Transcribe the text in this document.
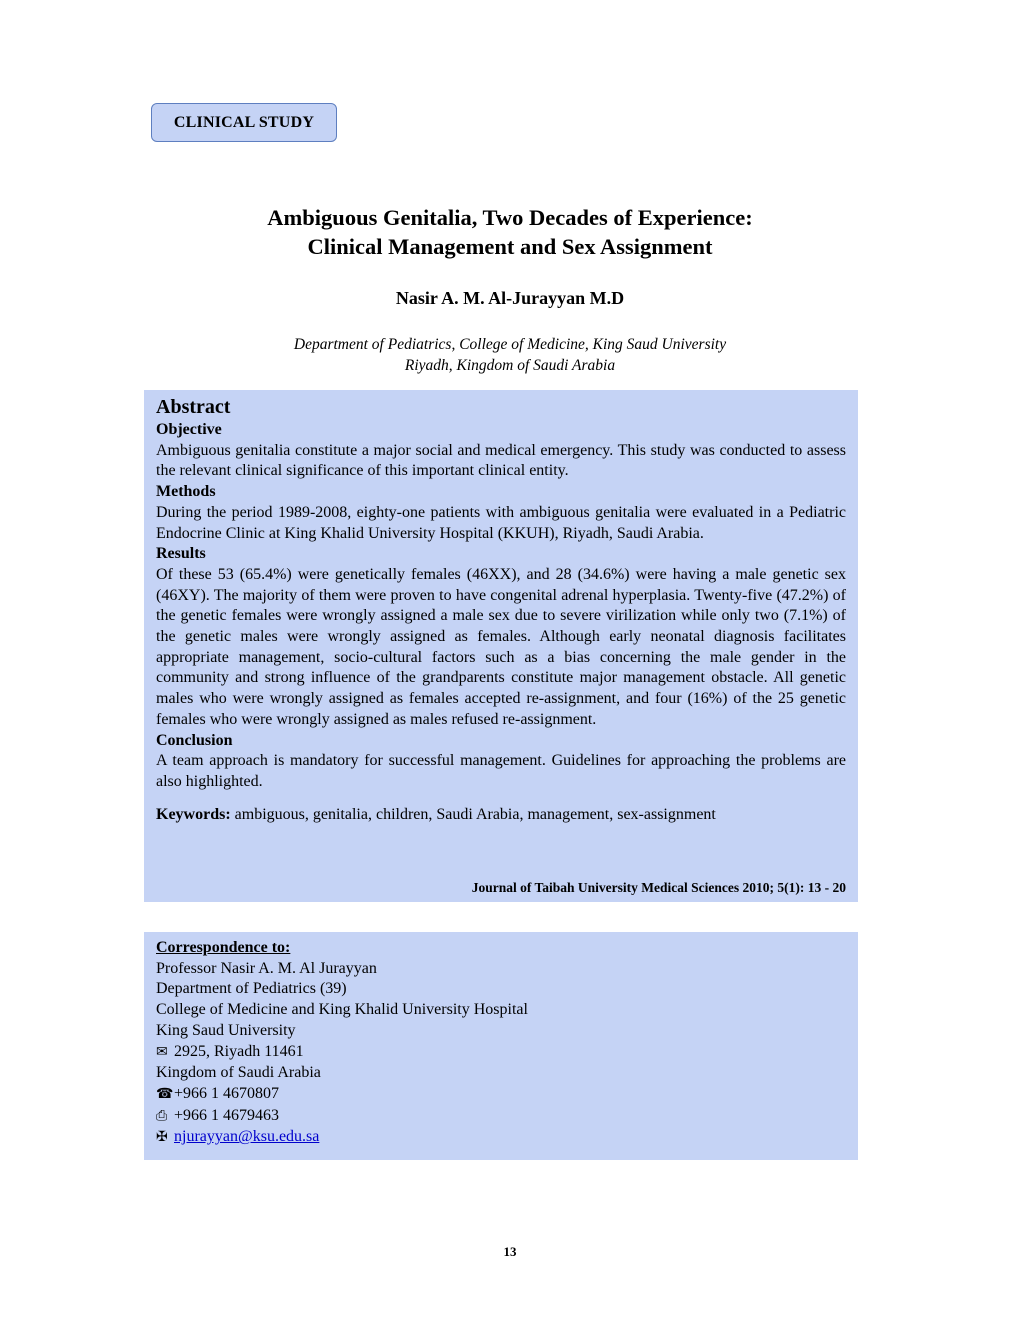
CLINICAL STUDY
Ambiguous Genitalia, Two Decades of Experience:
Clinical Management and Sex Assignment
Nasir A. M. Al-Jurayyan M.D
Department of Pediatrics, College of Medicine, King Saud University
Riyadh, Kingdom of Saudi Arabia
Abstract
Objective
Ambiguous genitalia constitute a major social and medical emergency. This study was conducted to assess the relevant clinical significance of this important clinical entity.
Methods
During the period 1989-2008, eighty-one patients with ambiguous genitalia were evaluated in a Pediatric Endocrine Clinic at King Khalid University Hospital (KKUH), Riyadh, Saudi Arabia.
Results
Of these 53 (65.4%) were genetically females (46XX), and 28 (34.6%) were having a male genetic sex (46XY). The majority of them were proven to have congenital adrenal hyperplasia. Twenty-five (47.2%) of the genetic females were wrongly assigned a male sex due to severe virilization while only two (7.1%) of the genetic males were wrongly assigned as females. Although early neonatal diagnosis facilitates appropriate management, socio-cultural factors such as a bias concerning the male gender in the community and strong influence of the grandparents constitute major management obstacle. All genetic males who were wrongly assigned as females accepted re-assignment, and four (16%) of the 25 genetic females who were wrongly assigned as males refused re-assignment.
Conclusion
A team approach is mandatory for successful management. Guidelines for approaching the problems are also highlighted.
Keywords: ambiguous, genitalia, children, Saudi Arabia, management, sex-assignment
Journal of Taibah University Medical Sciences 2010; 5(1): 13 - 20
Correspondence to:
Professor Nasir A. M. Al Jurayyan
Department of Pediatrics (39)
College of Medicine and King Khalid University Hospital
King Saud University
✉ 2925, Riyadh 11461
Kingdom of Saudi Arabia
☎+966 1 4670807
⎙ +966 1 4679463
✠ njurayyan@ksu.edu.sa
13
